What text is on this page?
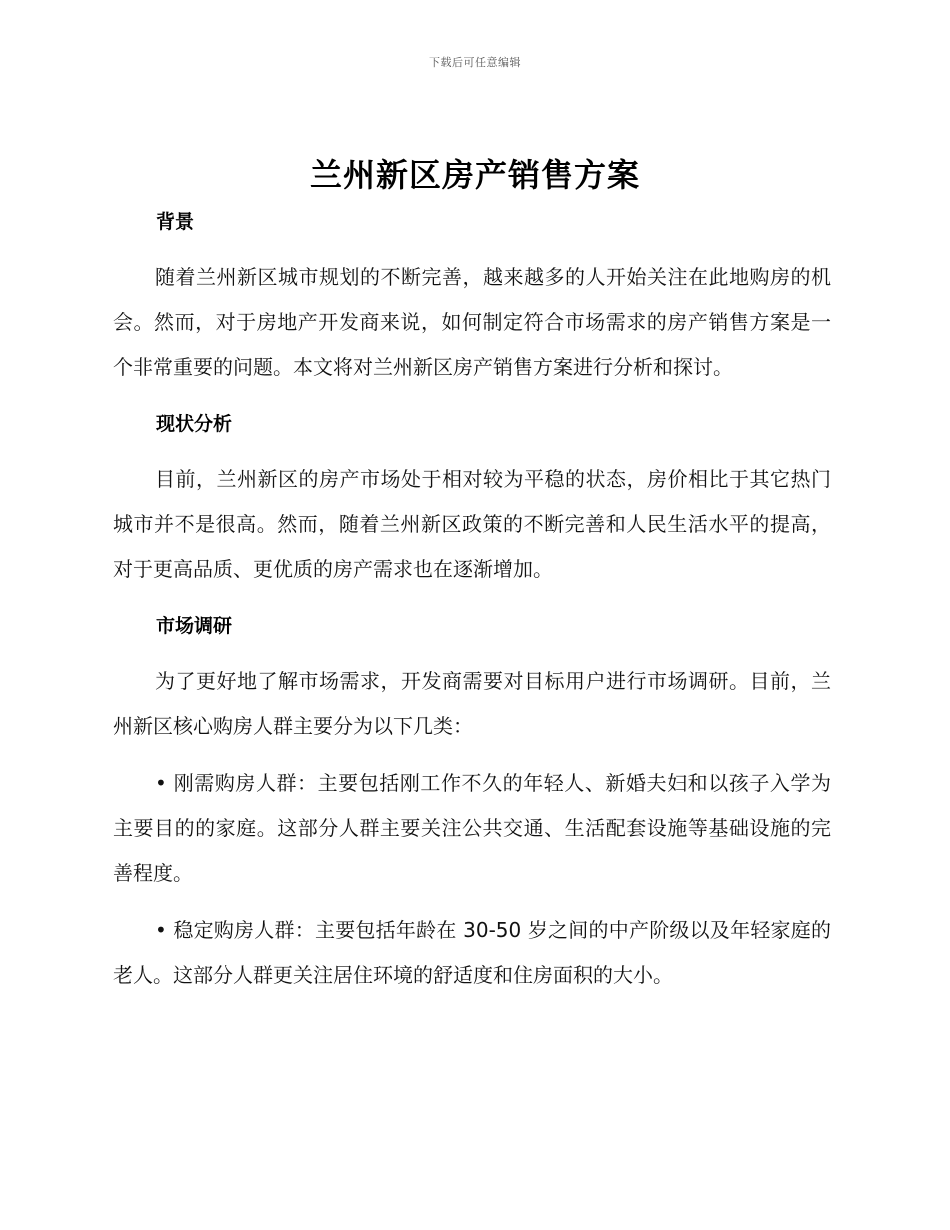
下载后可任意编辑
兰州新区房产销售方案
背景

随着兰州新区城市规划的不断完善，越来越多的人开始关注在此地购房的机会。然而，对于房地产开发商来说，如何制定符合市场需求的房产销售方案是一个非常重要的问题。本文将对兰州新区房产销售方案进行分析和探讨。

现状分析

目前，兰州新区的房产市场处于相对较为平稳的状态，房价相比于其它热门城市并不是很高。然而，随着兰州新区政策的不断完善和人民生活水平的提高，对于更高品质、更优质的房产需求也在逐渐增加。

市场调研

为了更好地了解市场需求，开发商需要对目标用户进行市场调研。目前，兰州新区核心购房人群主要分为以下几类：

• 刚需购房人群：主要包括刚工作不久的年轻人、新婚夫妇和以孩子入学为主要目的的家庭。这部分人群主要关注公共交通、生活配套设施等基础设施的完善程度。

• 稳定购房人群：主要包括年龄在 30-50 岁之间的中产阶级以及年轻家庭的老人。这部分人群更关注居住环境的舒适度和住房面积的大小。
